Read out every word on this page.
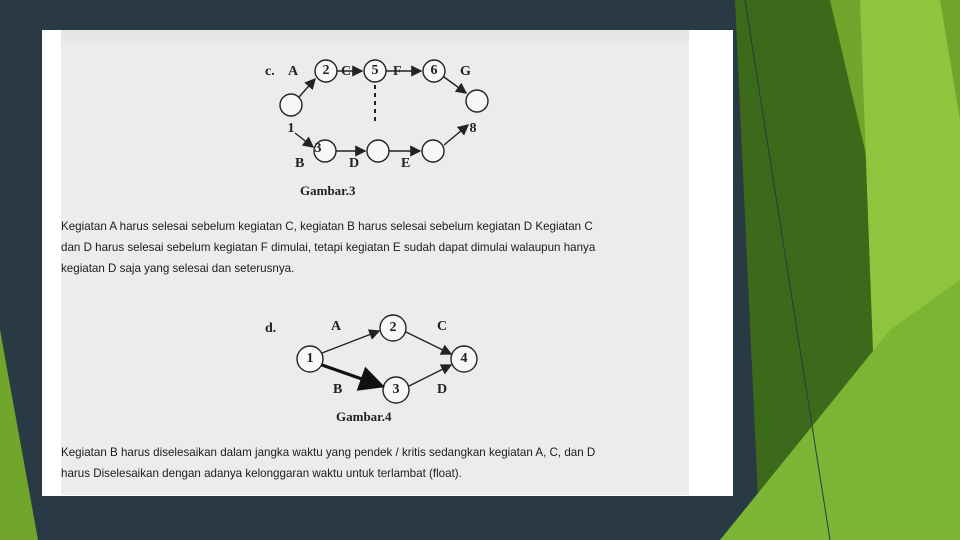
c. A	C	F	G
B	D	E
1
2	5	6
8
3
Gambar.3
Kegiatan A harus selesai sebelum kegiatan C, kegiatan B harus selesai sebelum kegiatan D Kegiatan C
dan D harus selesai sebelum kegiatan F dimulai, tetapi kegiatan E sudah dapat dimulai walaupun hanya
kegiatan D saja yang selesai dan seterusnya.
d.	A	C
B	D
1
2
3
4
Gambar.4
Kegiatan B harus diselesaikan dalam jangka waktu yang pendek / kritis sedangkan kegiatan A, C, dan D
harus Diselesaikan dengan adanya kelonggaran waktu untuk terlambat (float).
